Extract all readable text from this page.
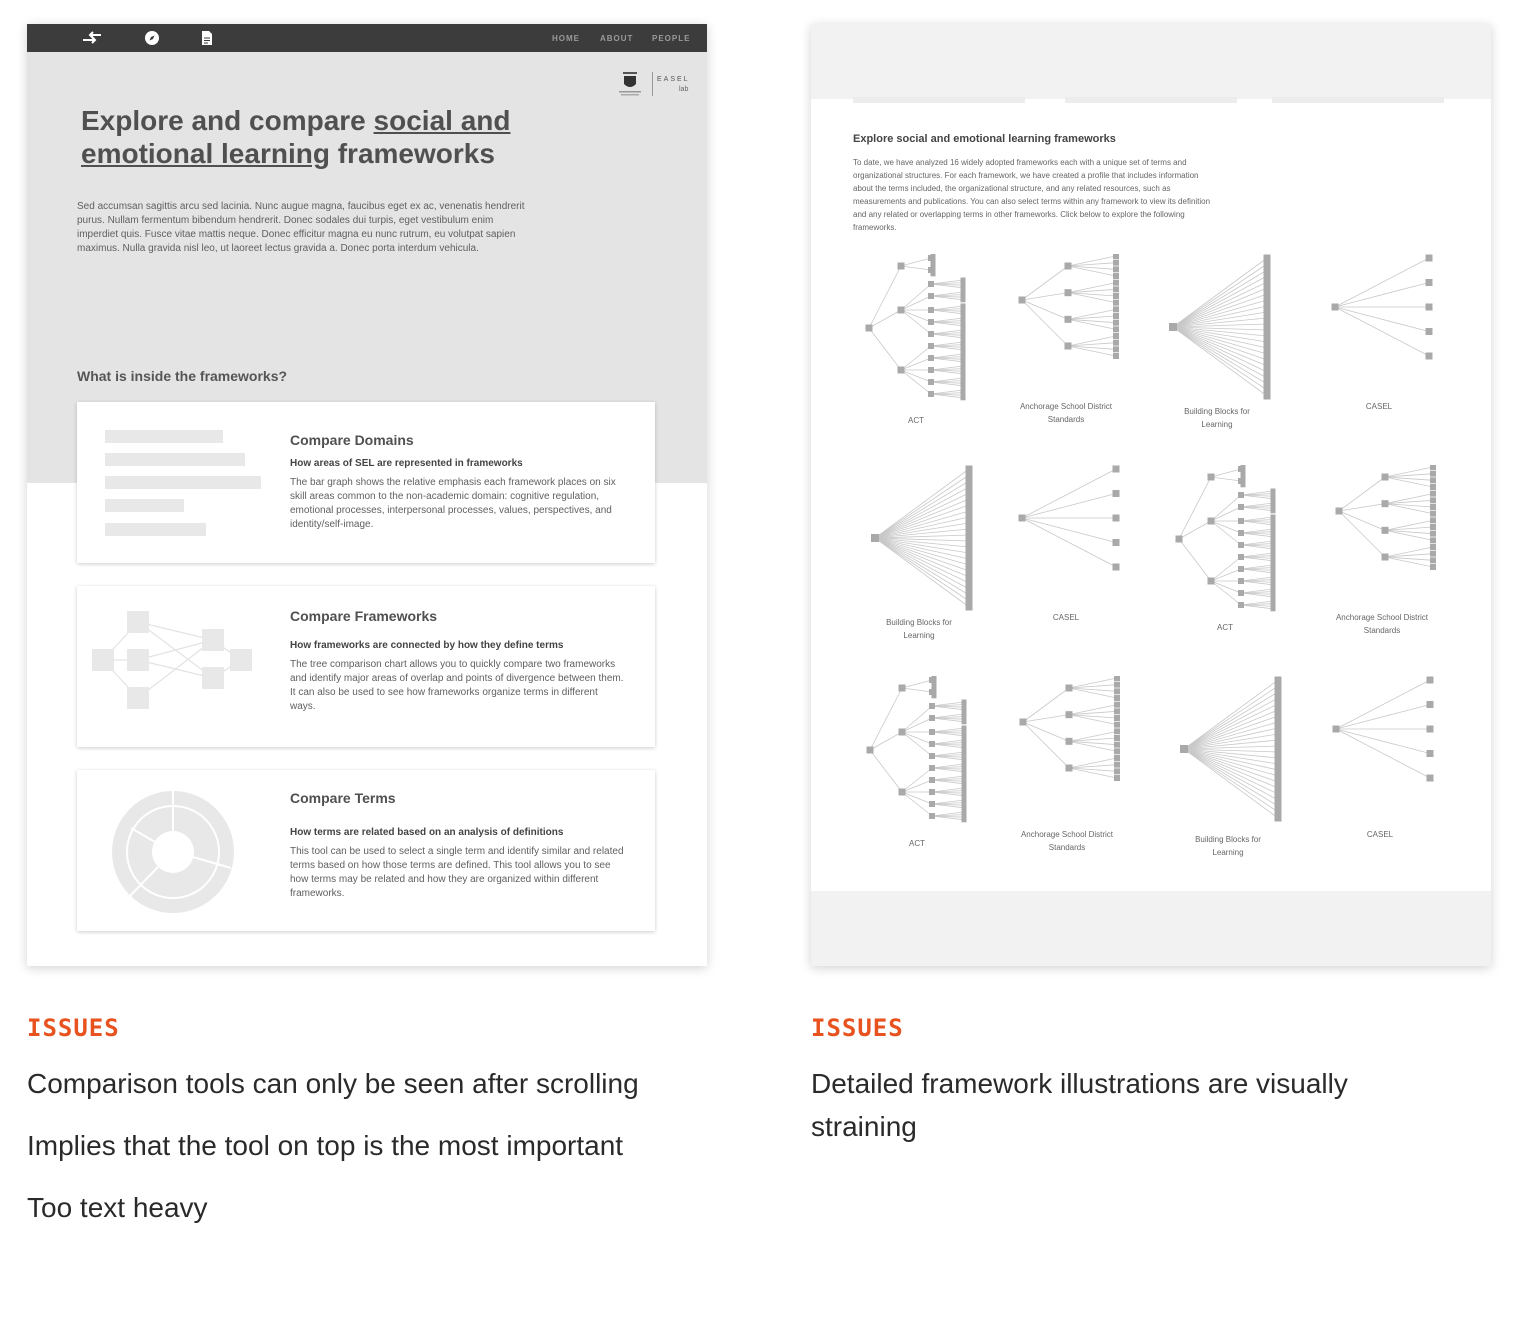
HOME	ABOUT PEOPLE
EASEL
lab
Explore and compare social and emotional learning frameworks

Sed accumsan sagittis arcu sed lacinia. Nunc augue magna, faucibus eget ex ac, venenatis hendrerit purus. Nullam fermentum bibendum hendrerit. Donec sodales dui turpis, eget vestibulum enim imperdiet quis. Fusce vitae mattis neque. Donec efficitur magna eu nunc rutrum, eu volutpat sapien maximus. Nulla gravida nisl leo, ut laoreet lectus gravida a. Donec porta interdum vehicula.

What is inside the frameworks?
Compare Domains
How areas of SEL are represented in frameworks

The bar graph shows the relative emphasis each framework places on six skill areas common to the non-academic domain: cognitive regulation, emotional processes, interpersonal processes, values, perspectives, and identity/self-image.

Compare Frameworks
How frameworks are connected by how they define terms

The tree comparison chart allows you to quickly compare two frameworks and identify major areas of overlap and points of divergence between them. It can also be used to see how frameworks organize terms in different ways.

Compare Terms
How terms are related based on an analysis of definitions

This tool can be used to select a single term and identify similar and related terms based on how those terms are defined. This tool allows you to see how terms may be related and how they are organized within different frameworks.

Explore social and emotional learning frameworks

To date, we have analyzed 16 widely adopted frameworks each with a unique set of terms and organizational structures. For each framework, we have created a profile that includes information about the terms included, the organizational structure, and any related resources, such as measurements and publications. You can also select terms within any framework to view its definition and any related or overlapping terms in other frameworks. Click below to explore the following frameworks.

ACT
Anchorage School District Standards
Building Blocks for Learning
CASEL
Building Blocks for Learning
CASEL
ACT
Anchorage School District Standards
ACT
Anchorage School District Standards
Building Blocks for Learning
CASEL
ISSUES
Comparison tools can only be seen after scrolling
Implies that the tool on top is the most important
Too text heavy
ISSUES
Detailed framework illustrations are visually straining
